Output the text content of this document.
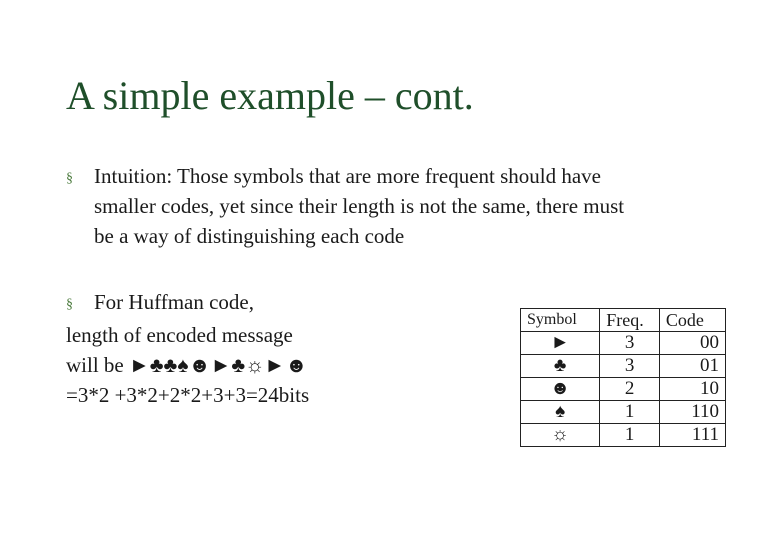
A simple example – cont.
§	Intuition: Those symbols that are more frequent should have
smaller codes, yet since their length is not the same, there must
be a way of distinguishing each code
§	For Huffman code,
length of encoded message
will be ►♣♣♠☻►♣☼►☻
=3*2 +3*2+2*2+3+3=24bits
Symbol	Freq.	Code
►	3	00
♣	3	01
☻	2	10
♠	1	110
☼	1	111
